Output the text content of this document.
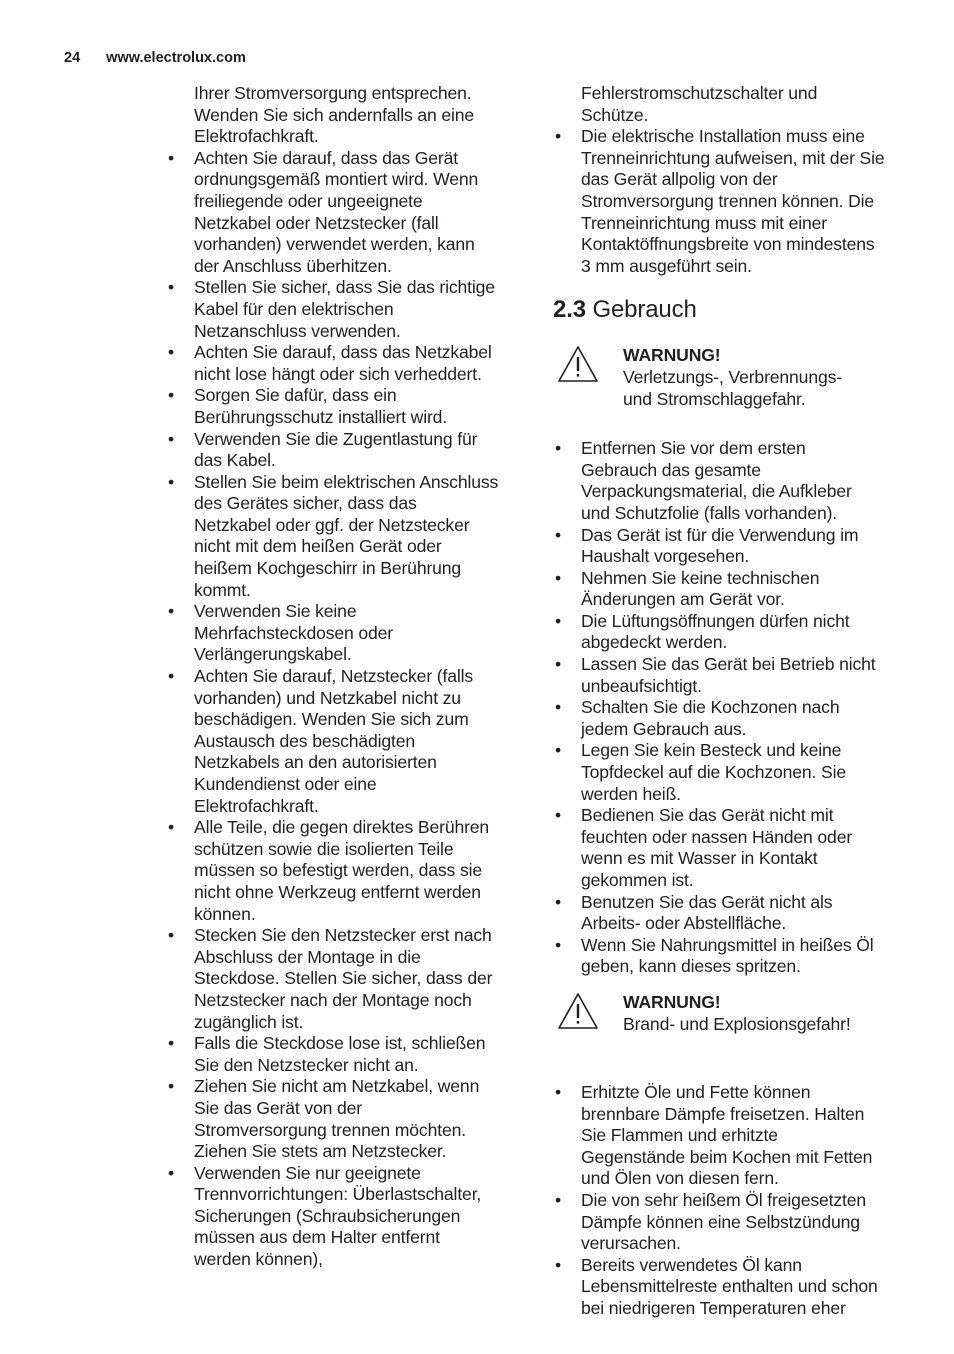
24 www.electrolux.com
Ihrer Stromversorgung entsprechen.
Wenden Sie sich andernfalls an eine
Elektrofachkraft.
• Achten Sie darauf, dass das Gerät
ordnungsgemäß montiert wird. Wenn
freiliegende oder ungeeignete
Netzkabel oder Netzstecker (fall
vorhanden) verwendet werden, kann
der Anschluss überhitzen.
• Stellen Sie sicher, dass Sie das richtige
Kabel für den elektrischen
Netzanschluss verwenden.
• Achten Sie darauf, dass das Netzkabel
nicht lose hängt oder sich verheddert.
• Sorgen Sie dafür, dass ein
Berührungsschutz installiert wird.
• Verwenden Sie die Zugentlastung für
das Kabel.
• Stellen Sie beim elektrischen Anschluss
des Gerätes sicher, dass das
Netzkabel oder ggf. der Netzstecker
nicht mit dem heißen Gerät oder
heißem Kochgeschirr in Berührung
kommt.
• Verwenden Sie keine
Mehrfachsteckdosen oder
Verlängerungskabel.
• Achten Sie darauf, Netzstecker (falls
vorhanden) und Netzkabel nicht zu
beschädigen. Wenden Sie sich zum
Austausch des beschädigten
Netzkabels an den autorisierten
Kundendienst oder eine
Elektrofachkraft.
• Alle Teile, die gegen direktes Berühren
schützen sowie die isolierten Teile
müssen so befestigt werden, dass sie
nicht ohne Werkzeug entfernt werden
können.
• Stecken Sie den Netzstecker erst nach
Abschluss der Montage in die
Steckdose. Stellen Sie sicher, dass der
Netzstecker nach der Montage noch
zugänglich ist.
• Falls die Steckdose lose ist, schließen
Sie den Netzstecker nicht an.
• Ziehen Sie nicht am Netzkabel, wenn
Sie das Gerät von der
Stromversorgung trennen möchten.
Ziehen Sie stets am Netzstecker.
• Verwenden Sie nur geeignete
Trennvorrichtungen: Überlastschalter,
Sicherungen (Schraubsicherungen
müssen aus dem Halter entfernt
werden können),
Fehlerstromschutzschalter und
Schütze.
• Die elektrische Installation muss eine
Trenneinrichtung aufweisen, mit der Sie
das Gerät allpolig von der
Stromversorgung trennen können. Die
Trenneinrichtung muss mit einer
Kontaktöffnungsbreite von mindestens
3 mm ausgeführt sein.
2.3 Gebrauch
WARNUNG!
Verletzungs-, Verbrennungs-
und Stromschlaggefahr.
• Entfernen Sie vor dem ersten
Gebrauch das gesamte
Verpackungsmaterial, die Aufkleber
und Schutzfolie (falls vorhanden).
• Das Gerät ist für die Verwendung im
Haushalt vorgesehen.
• Nehmen Sie keine technischen
Änderungen am Gerät vor.
• Die Lüftungsöffnungen dürfen nicht
abgedeckt werden.
• Lassen Sie das Gerät bei Betrieb nicht
unbeaufsichtigt.
• Schalten Sie die Kochzonen nach
jedem Gebrauch aus.
• Legen Sie kein Besteck und keine
Topfdeckel auf die Kochzonen. Sie
werden heiß.
• Bedienen Sie das Gerät nicht mit
feuchten oder nassen Händen oder
wenn es mit Wasser in Kontakt
gekommen ist.
• Benutzen Sie das Gerät nicht als
Arbeits- oder Abstellfläche.
• Wenn Sie Nahrungsmittel in heißes Öl
geben, kann dieses spritzen.
WARNUNG!
Brand- und Explosionsgefahr!
• Erhitzte Öle und Fette können
brennbare Dämpfe freisetzen. Halten
Sie Flammen und erhitzte
Gegenstände beim Kochen mit Fetten
und Ölen von diesen fern.
• Die von sehr heißem Öl freigesetzten
Dämpfe können eine Selbstzündung
verursachen.
• Bereits verwendetes Öl kann
Lebensmittelreste enthalten und schon
bei niedrigeren Temperaturen eher
